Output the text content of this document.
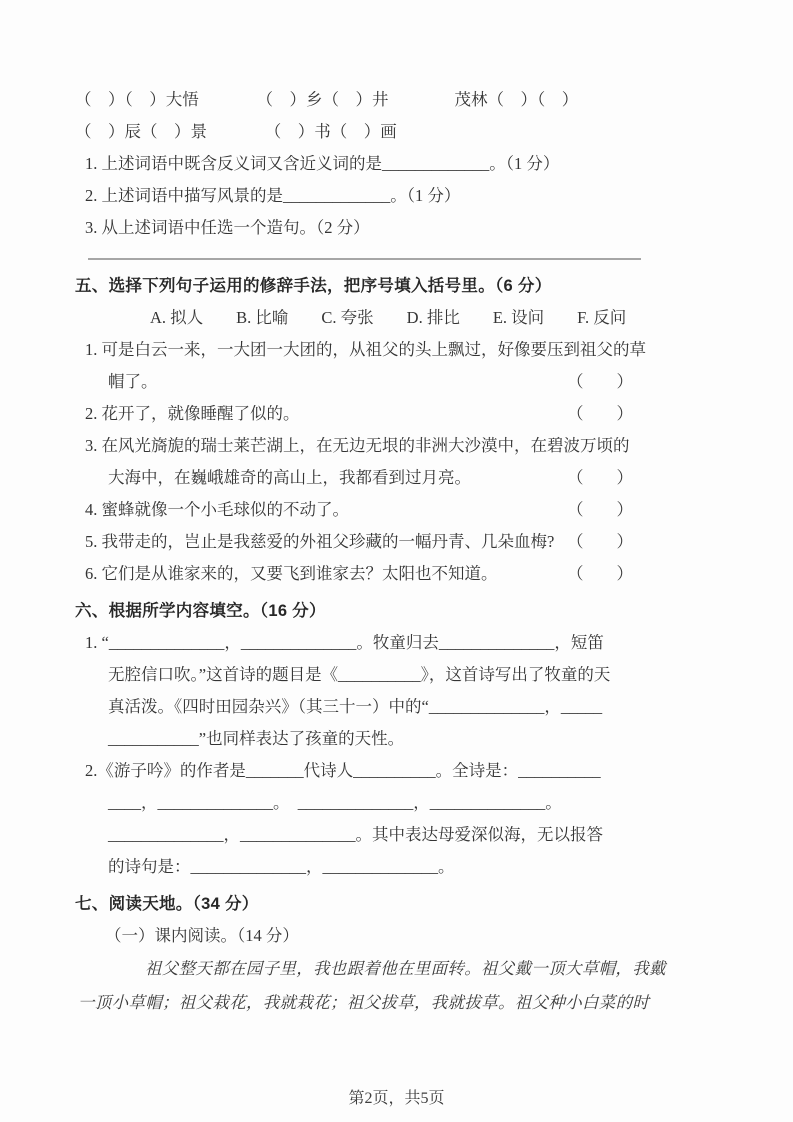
（　）（　）大悟　　　　（　）乡（　）井　　　　茂林（　）（　）
（　）辰（　）景　　　　（　）书（　）画
1. 上述词语中既含反义词又含近义词的是_____________。（1 分）
2. 上述词语中描写风景的是_____________。（1 分）
3. 从上述词语中任选一个造句。（2 分）
五、选择下列句子运用的修辞手法，把序号填入括号里。（6 分）
A. 拟人　　B. 比喻　　C. 夸张　　D. 排比　　E. 设问　　F. 反问
1. 可是白云一来，一大团一大团的，从祖父的头上飘过，好像要压到祖父的草
帽了。	（　　）
2. 花开了，就像睡醒了似的。	（　　）
3. 在风光旖旎的瑞士莱芒湖上，在无边无垠的非洲大沙漠中，在碧波万顷的
大海中，在巍峨雄奇的高山上，我都看到过月亮。	（　　）
4. 蜜蜂就像一个小毛球似的不动了。	（　　）
5. 我带走的，岂止是我慈爱的外祖父珍藏的一幅丹青、几朵血梅? （　　）
6. 它们是从谁家来的，又要飞到谁家去？太阳也不知道。	（　　）
六、根据所学内容填空。（16 分）
1. “______________，______________。牧童归去______________，短笛
无腔信口吹。”这首诗的题目是《__________》，这首诗写出了牧童的天
真活泼。《四时田园杂兴》（其三十一）中的“______________，_____
___________”也同样表达了孩童的天性。
2.《游子吟》的作者是_______代诗人__________。全诗是：__________
____，______________。　______________，______________。
______________，______________。其中表达母爱深似海，无以报答
的诗句是：______________，______________。
七、阅读天地。（34 分）
（一）课内阅读。（14 分）
祖父整天都在园子里，我也跟着他在里面转。祖父戴一顶大草帽，我戴
一顶小草帽；祖父栽花，我就栽花；祖父拔草，我就拔草。祖父种小白菜的时
第2页，共5页
